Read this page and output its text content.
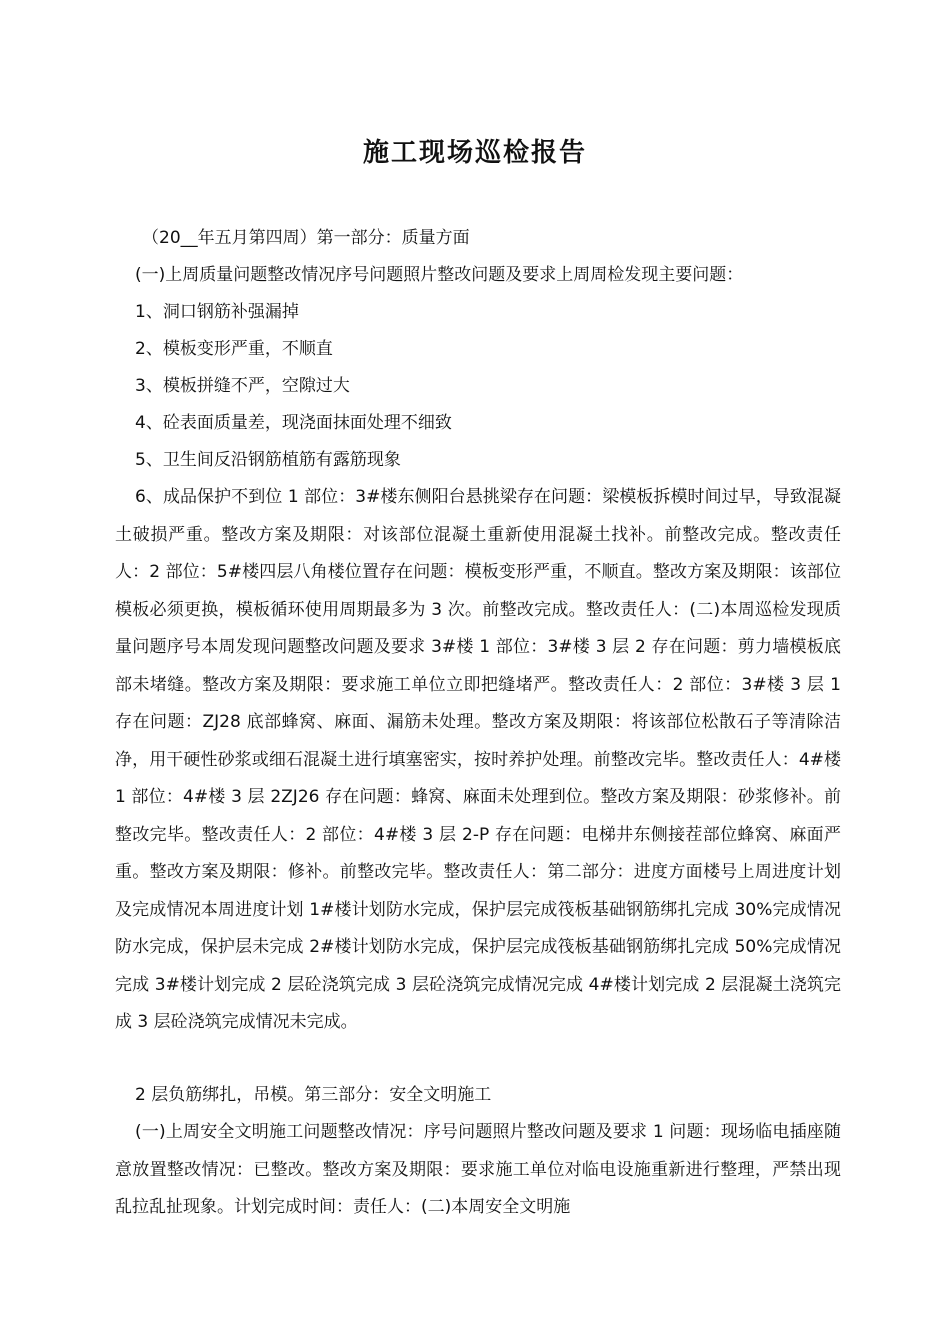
施工现场巡检报告

（20__年五月第四周）第一部分：质量方面

(一)上周质量问题整改情况序号问题照片整改问题及要求上周周检发现主要问题：

1、洞口钢筋补强漏掉

2、模板变形严重，不顺直

3、模板拼缝不严，空隙过大

4、砼表面质量差，现浇面抹面处理不细致

5、卫生间反沿钢筋植筋有露筋现象

6、成品保护不到位 1 部位：3#楼东侧阳台悬挑梁存在问题：梁模板拆模时间过早，导致混凝土破损严重。整改方案及期限：对该部位混凝土重新使用混凝土找补。前整改完成。整改责任人：2 部位：5#楼四层八角楼位置存在问题：模板变形严重，不顺直。整改方案及期限：该部位模板必须更换，模板循环使用周期最多为 3 次。前整改完成。整改责任人：(二)本周巡检发现质量问题序号本周发现问题整改问题及要求 3#楼 1 部位：3#楼 3 层 2 存在问题：剪力墙模板底部未堵缝。整改方案及期限：要求施工单位立即把缝堵严。整改责任人：2 部位：3#楼 3 层 1 存在问题：ZJ28 底部蜂窝、麻面、漏筋未处理。整改方案及期限：将该部位松散石子等清除洁净，用干硬性砂浆或细石混凝土进行填塞密实，按时养护处理。前整改完毕。整改责任人：4#楼 1 部位：4#楼 3 层 2ZJ26 存在问题：蜂窝、麻面未处理到位。整改方案及期限：砂浆修补。前整改完毕。整改责任人：2 部位：4#楼 3 层 2-P 存在问题：电梯井东侧接茬部位蜂窝、麻面严重。整改方案及期限：修补。前整改完毕。整改责任人：第二部分：进度方面楼号上周进度计划及完成情况本周进度计划 1#楼计划防水完成，保护层完成筏板基础钢筋绑扎完成 30%完成情况防水完成，保护层未完成 2#楼计划防水完成，保护层完成筏板基础钢筋绑扎完成 50%完成情况完成 3#楼计划完成 2 层砼浇筑完成 3 层砼浇筑完成情况完成 4#楼计划完成 2 层混凝土浇筑完成 3 层砼浇筑完成情况未完成。

2 层负筋绑扎，吊模。第三部分：安全文明施工

(一)上周安全文明施工问题整改情况：序号问题照片整改问题及要求 1 问题：现场临电插座随意放置整改情况：已整改。整改方案及期限：要求施工单位对临电设施重新进行整理，严禁出现乱拉乱扯现象。计划完成时间：责任人：(二)本周安全文明施
